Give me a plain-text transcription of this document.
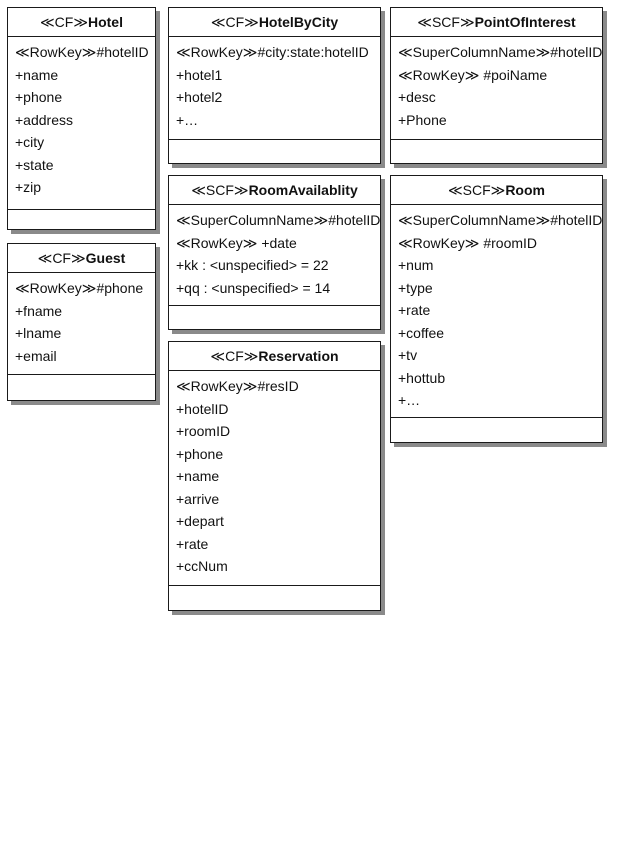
≪CF≫Hotel
≪RowKey≫#hotelID
+name
+phone
+address
+city
+state
+zip
≪CF≫Guest
≪RowKey≫#phone
+fname
+lname
+email
≪CF≫HotelByCity
≪RowKey≫#city:state:hotelID
+hotel1
+hotel2
+…
≪SCF≫RoomAvailablity
≪SuperColumnName≫#hotelID
≪RowKey≫ +date
+kk : <unspecified> = 22
+qq : <unspecified> = 14
≪CF≫Reservation
≪RowKey≫#resID
+hotelID
+roomID
+phone
+name
+arrive
+depart
+rate
+ccNum
≪SCF≫PointOfInterest
≪SuperColumnName≫#hotelID
≪RowKey≫ #poiName
+desc
+Phone
≪SCF≫Room
≪SuperColumnName≫#hotelID
≪RowKey≫ #roomID
+num
+type
+rate
+coffee
+tv
+hottub
+…
